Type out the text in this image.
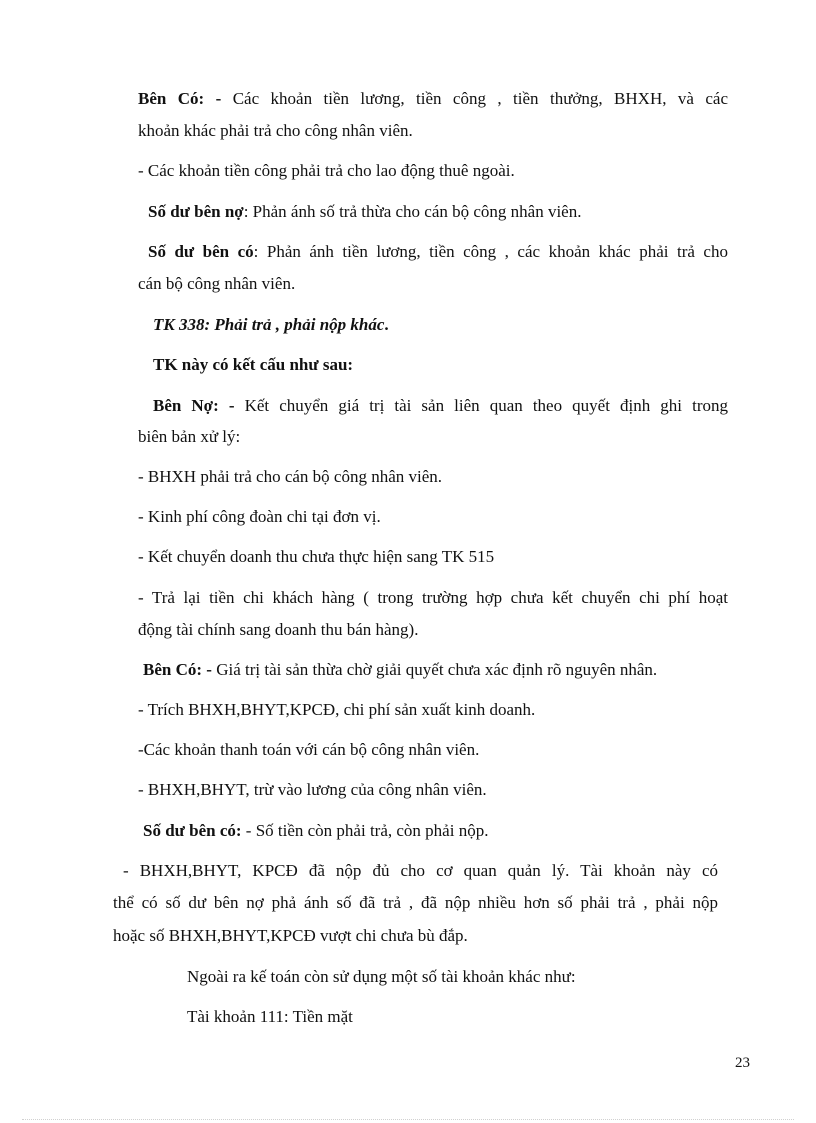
Bên Có: - Các khoản tiền lương, tiền công , tiền thưởng, BHXH, và các
khoản khác phải trả cho công nhân viên.
- Các khoản tiền công phải trả cho lao động thuê ngoài.
Số dư bên nợ: Phản ánh số trả thừa cho cán bộ công nhân viên.
Số dư bên có: Phản ánh tiền lương, tiền công , các khoản khác phải trả cho
cán bộ công nhân viên.
TK 338: Phải trả , phải nộp khác.
TK này có kết cấu như sau:
Bên Nợ: - Kết chuyển giá trị tài sản liên quan theo quyết định ghi trong
biên bản xử lý:
- BHXH phải trả cho cán bộ công nhân viên.
- Kinh phí công đoàn chi tại đơn vị.
- Kết chuyển doanh thu chưa thực hiện sang TK 515
- Trả lại tiền chi khách hàng ( trong trường hợp chưa kết chuyển chi phí hoạt
động tài chính sang doanh thu bán hàng).
Bên Có: - Giá trị tài sản thừa chờ giải quyết chưa xác định rõ nguyên nhân.
- Trích BHXH,BHYT,KPCĐ, chi phí sản xuất kinh doanh.
-Các khoản thanh toán với cán bộ công nhân viên.
- BHXH,BHYT, trừ vào lương của công nhân viên.
Số dư bên có: - Số tiền còn phải trả, còn phải nộp.
- BHXH,BHYT, KPCĐ đã nộp đủ cho cơ quan quản lý. Tài khoản này có
thể có số dư bên nợ phả ánh số đã trả , đã nộp nhiều hơn số phải trả , phải nộp
hoặc số BHXH,BHYT,KPCĐ vượt chi chưa bù đắp.
Ngoài ra kế toán còn sử dụng một số tài khoản khác như:
Tài khoản 111: Tiền mặt
23
